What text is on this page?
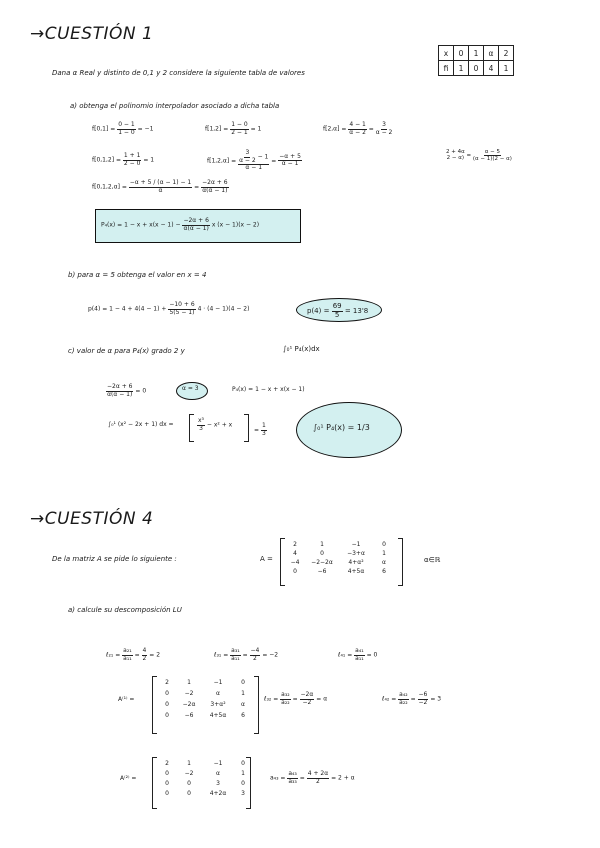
→CUESTIÓN 1
Dana α Real y distinto de 0,1 y 2 considere la siguiente tabla de valores
x	0	1	α	2
fi	1	0	4	1
a) obtenga el polinomio interpolador asociado a dicha tabla
$f[0,1] = \frac{0 - 1}{1 - 0} = -1$	$f[1,2] = \frac{1 - 0}{2 - 1} = 1$	$f[2,\alpha] = \frac{4 - 1}{\alpha - 2} = \frac{3}{\alpha - 2}$
$f[0,1,2] = \frac{1 + 1}{2 - 0} = 1$	$f[1,2,\alpha] = \frac{\frac{3}{\alpha - 2} - 1}{\alpha - 1} = \frac{-\alpha + 5}{\alpha - 1}$
2 + 4α
$2 - \alpha) = \frac{\alpha - 5}{(\alpha - 1)(2 - \alpha)}$
$f[0,1,2,\alpha] = \frac{-\alpha + 5 / (\alpha - 1) - 1}{\alpha} = \frac{-2\alpha + 6}{\alpha(\alpha - 1)}$
$P_4(x) = 1 - x + x(x - 1) - \frac{-2\alpha + 6}{\alpha(\alpha - 1)}$ x (x − 1)(x − 2)
b) para α = 5 obtenga el valor en x = 4
$p(4) = 1 - 4 + 4(4 - 1) + \frac{-10 + 6}{5(5 - 1)} 4 \cdot (4 - 1)(4 - 2)$	$p(4) = \frac{69}{5} = 13'8$
c) valor de α para P₄(x) grado 2 y	∫₀¹ P₄(x)dx
$\frac{-2\alpha + 6}{\alpha(\alpha - 1)} = 0$	α = 3	P₄(x) = 1 − x + x(x − 1)
∫₀¹ (x² − 2x + 1) dx =	$\frac{\text{x³}}{3} - x^2 + x$
= $\frac{1}{3}$	∫₀¹ P₄(x) = 1/3
→CUESTIÓN 4
De la matriz A se pide lo siguiente :	A =
2	1	−1	0
4	0	−3+α	1
−4	−2−2α	4+α²	α
0	−6	4+5α	6
α∈ℝ
a) calcule su descomposición LU
ℓ₂₁ = $\frac{\text{a₂₁}}{\text{a₁₁}} = \frac{4}{2} = 2$	ℓ₃₁ = $\frac{\text{a₃₁}}{\text{a₁₁}} = \frac{-4}{2} = -2$	ℓ₄₁ = $\frac{\text{a₄₁}}{\text{a₁₁}} = 0$
A⁽¹⁾ =
2	1	−1	0
0	−2	α	1
0	−2α	3+α²	α
0	−6	4+5α	6
ℓ₃₂ = $\frac{\text{a₃₂}}{\text{a₂₂}} = \frac{-2\alpha}{-2} = \alpha$	ℓ₄₂ = $\frac{\text{a₄₂}}{\text{a₂₂}} = \frac{-6}{-2} = 3$
A⁽²⁾ =
2	1	−1	0
0	−2	α	1
0	0	3	0
0	0	4+2α	3
$a_{43} = \frac{\text{a₄₃}}{\text{a₃₃}} = \frac{4 + 2\alpha}{2} = 2 + \alpha$
